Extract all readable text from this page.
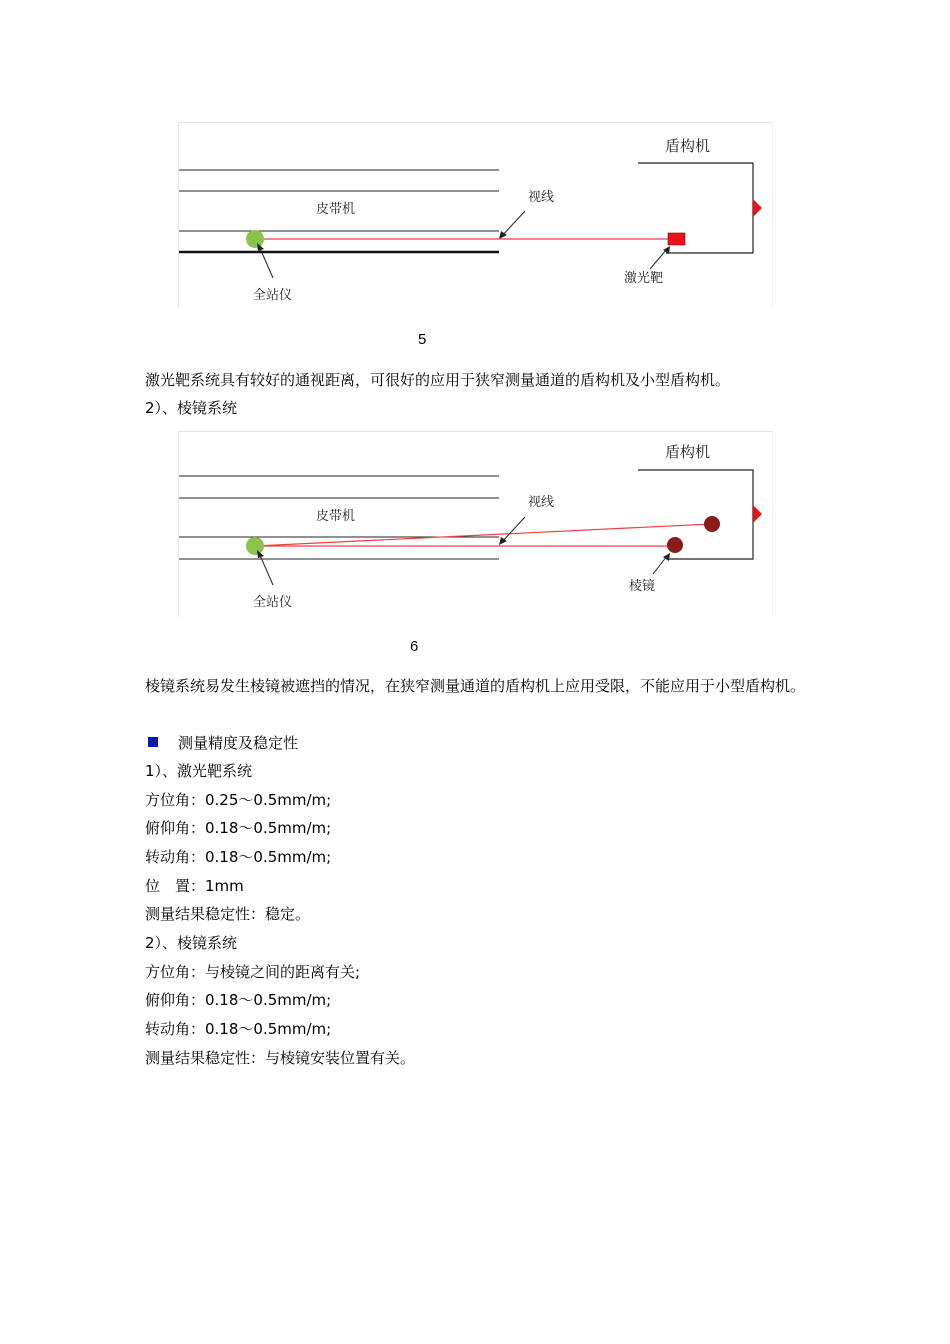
盾构机
皮带机
视线
全站仪
激光靶
5
激光靶系统具有较好的通视距离，可很好的应用于狭窄测量通道的盾构机及小型盾构机。
2）、棱镜系统
盾构机
皮带机
视线
全站仪
棱镜
6
棱镜系统易发生棱镜被遮挡的情况，在狭窄测量通道的盾构机上应用受限，不能应用于小型盾构机。
测量精度及稳定性
1）、激光靶系统
方位角：0.25～0.5mm/m;
俯仰角：0.18～0.5mm/m;
转动角：0.18～0.5mm/m;
位　置：1mm
测量结果稳定性：稳定。
2）、棱镜系统
方位角：与棱镜之间的距离有关;
俯仰角：0.18～0.5mm/m;
转动角：0.18～0.5mm/m;
测量结果稳定性：与棱镜安装位置有关。
